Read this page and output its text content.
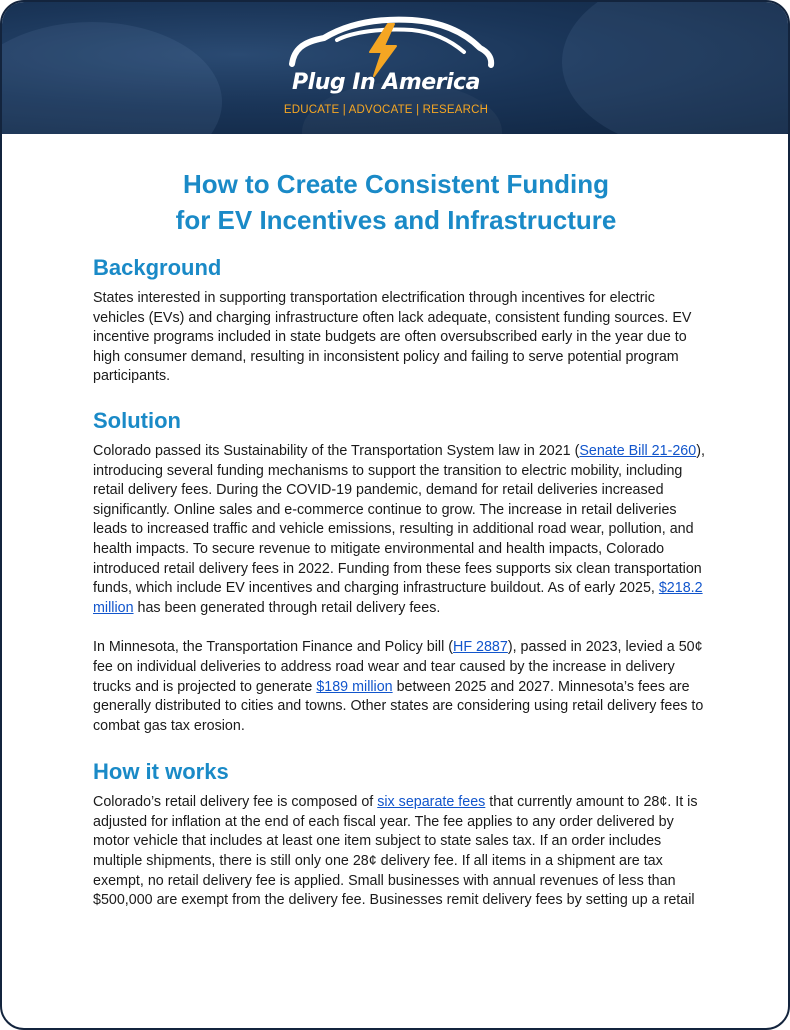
Plug In America
EDUCATE | ADVOCATE | RESEARCH
How to Create Consistent Funding
for EV Incentives and Infrastructure
Background

States interested in supporting transportation electrification through incentives for electric vehicles (EVs) and charging infrastructure often lack adequate, consistent funding sources. EV incentive programs included in state budgets are often oversubscribed early in the year due to high consumer demand, resulting in inconsistent policy and failing to serve potential program participants.

Solution

Colorado passed its Sustainability of the Transportation System law in 2021 (Senate Bill 21-260), introducing several funding mechanisms to support the transition to electric mobility, including retail delivery fees. During the COVID-19 pandemic, demand for retail deliveries increased significantly. Online sales and e-commerce continue to grow. The increase in retail deliveries leads to increased traffic and vehicle emissions, resulting in additional road wear, pollution, and health impacts. To secure revenue to mitigate environmental and health impacts, Colorado introduced retail delivery fees in 2022. Funding from these fees supports six clean transportation funds, which include EV incentives and charging infrastructure buildout. As of early 2025, $218.2 million has been generated through retail delivery fees.

In Minnesota, the Transportation Finance and Policy bill (HF 2887), passed in 2023, levied a 50¢ fee on individual deliveries to address road wear and tear caused by the increase in delivery trucks and is projected to generate $189 million between 2025 and 2027. Minnesota’s fees are generally distributed to cities and towns. Other states are considering using retail delivery fees to combat gas tax erosion.

How it works

Colorado’s retail delivery fee is composed of six separate fees that currently amount to 28¢. It is adjusted for inflation at the end of each fiscal year. The fee applies to any order delivered by motor vehicle that includes at least one item subject to state sales tax. If an order includes multiple shipments, there is still only one 28¢ delivery fee. If all items in a shipment are tax exempt, no retail delivery fee is applied. Small businesses with annual revenues of less than $500,000 are exempt from the delivery fee. Businesses remit delivery fees by setting up a retail
